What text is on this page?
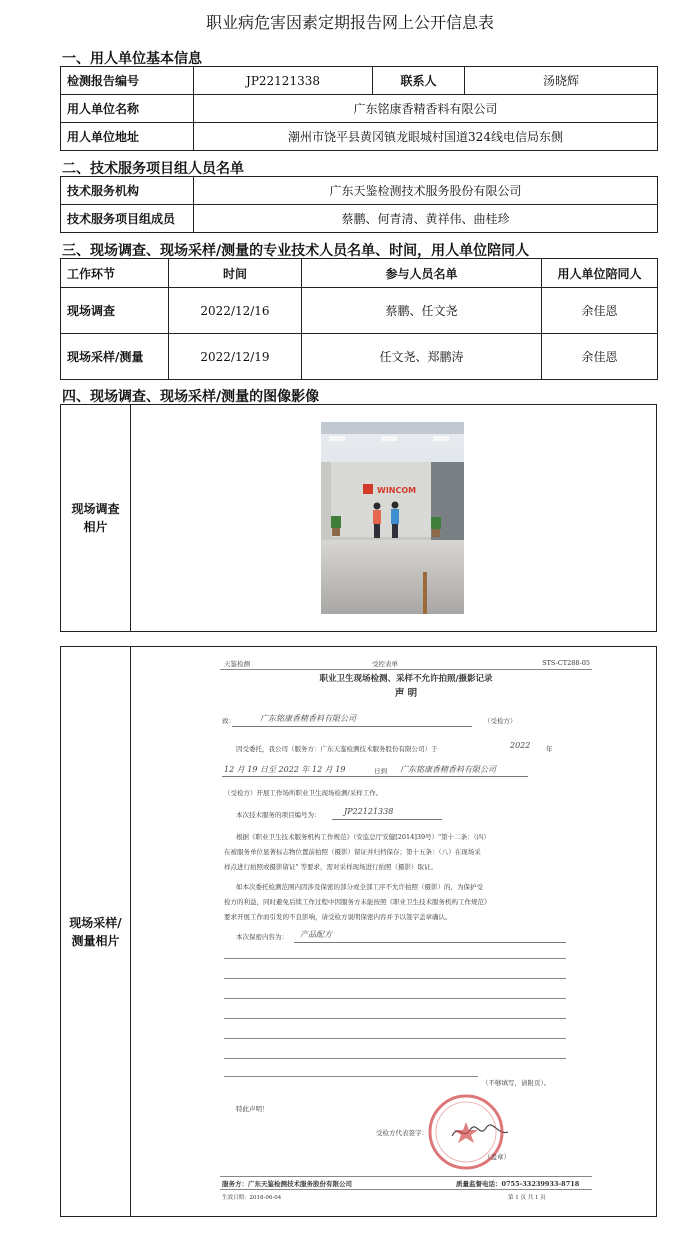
职业病危害因素定期报告网上公开信息表
一、用人单位基本信息
检测报告编号	JP22121338	联系人	汤晓辉
用人单位名称	广东铭康香精香料有限公司		
用人单位地址	潮州市饶平县黄冈镇龙眼城村国道324线电信局东侧		
二、技术服务项目组人员名单
技术服务机构	广东天鉴检测技术服务股份有限公司
技术服务项目组成员	蔡鹏、何青清、黄祥伟、曲桂珍
三、现场调查、现场采样/测量的专业技术人员名单、时间，用人单位陪同人
工作环节	时间	参与人员名单	用人单位陪同人
现场调查	2022/12/16	蔡鹏、任文尧	余佳恩
现场采样/测量	2022/12/19	任文尧、郑鹏涛	余佳恩
四、现场调查、现场采样/测量的图像影像
现场调查
相片
WINCOM
现场采样/
测量相片
天鉴检测	受控表单	STS-CT288-05
职业卫生现场检测、采样不允许拍照/摄影记录
声 明
致：	广东铭康香精香料有限公司	（受检方）
因受委托，我公司（服务方：广东天鉴检测技术服务股份有限公司）于	2022 年
12 月 19 日至 2022 年 12 月 19	日到 广东铭康香精香料有限公司
（受检方）开展工作场所职业卫生现场检测/采样工作。
本次技术服务的项目编号为：	JP22121338
根据《职业卫生技术服务机构工作规范》（安监总厅安健[2014]39号）"第十二条：（四）
在被服务单位显著标志物位置前拍照（摄影）留证并归档保存；第十五条：（八）在现场采
样点进行拍照或摄影留证" 等要求，需对采样现场进行拍照（摄影）取证。
如本次委托检测范围内因涉及保密的部分或全部工序不允许拍照（摄影）的，为保护受
检方的利益，同时避免后续工作过程中因服务方未能按照《职业卫生技术服务机构工作规范》
要求开展工作而引发的不良影响，请受检方说明保密内容并予以签字盖章确认。
本次保密内容为： 产品配方
（不够填写，请附页）。
特此声明！
受检方代表签字：
（盖章）
服务方：广东天鉴检测技术服务股份有限公司	质量监督电话：0755-33239933-8718
生效日期：2018-06-04	第 1 页 共 1 页
